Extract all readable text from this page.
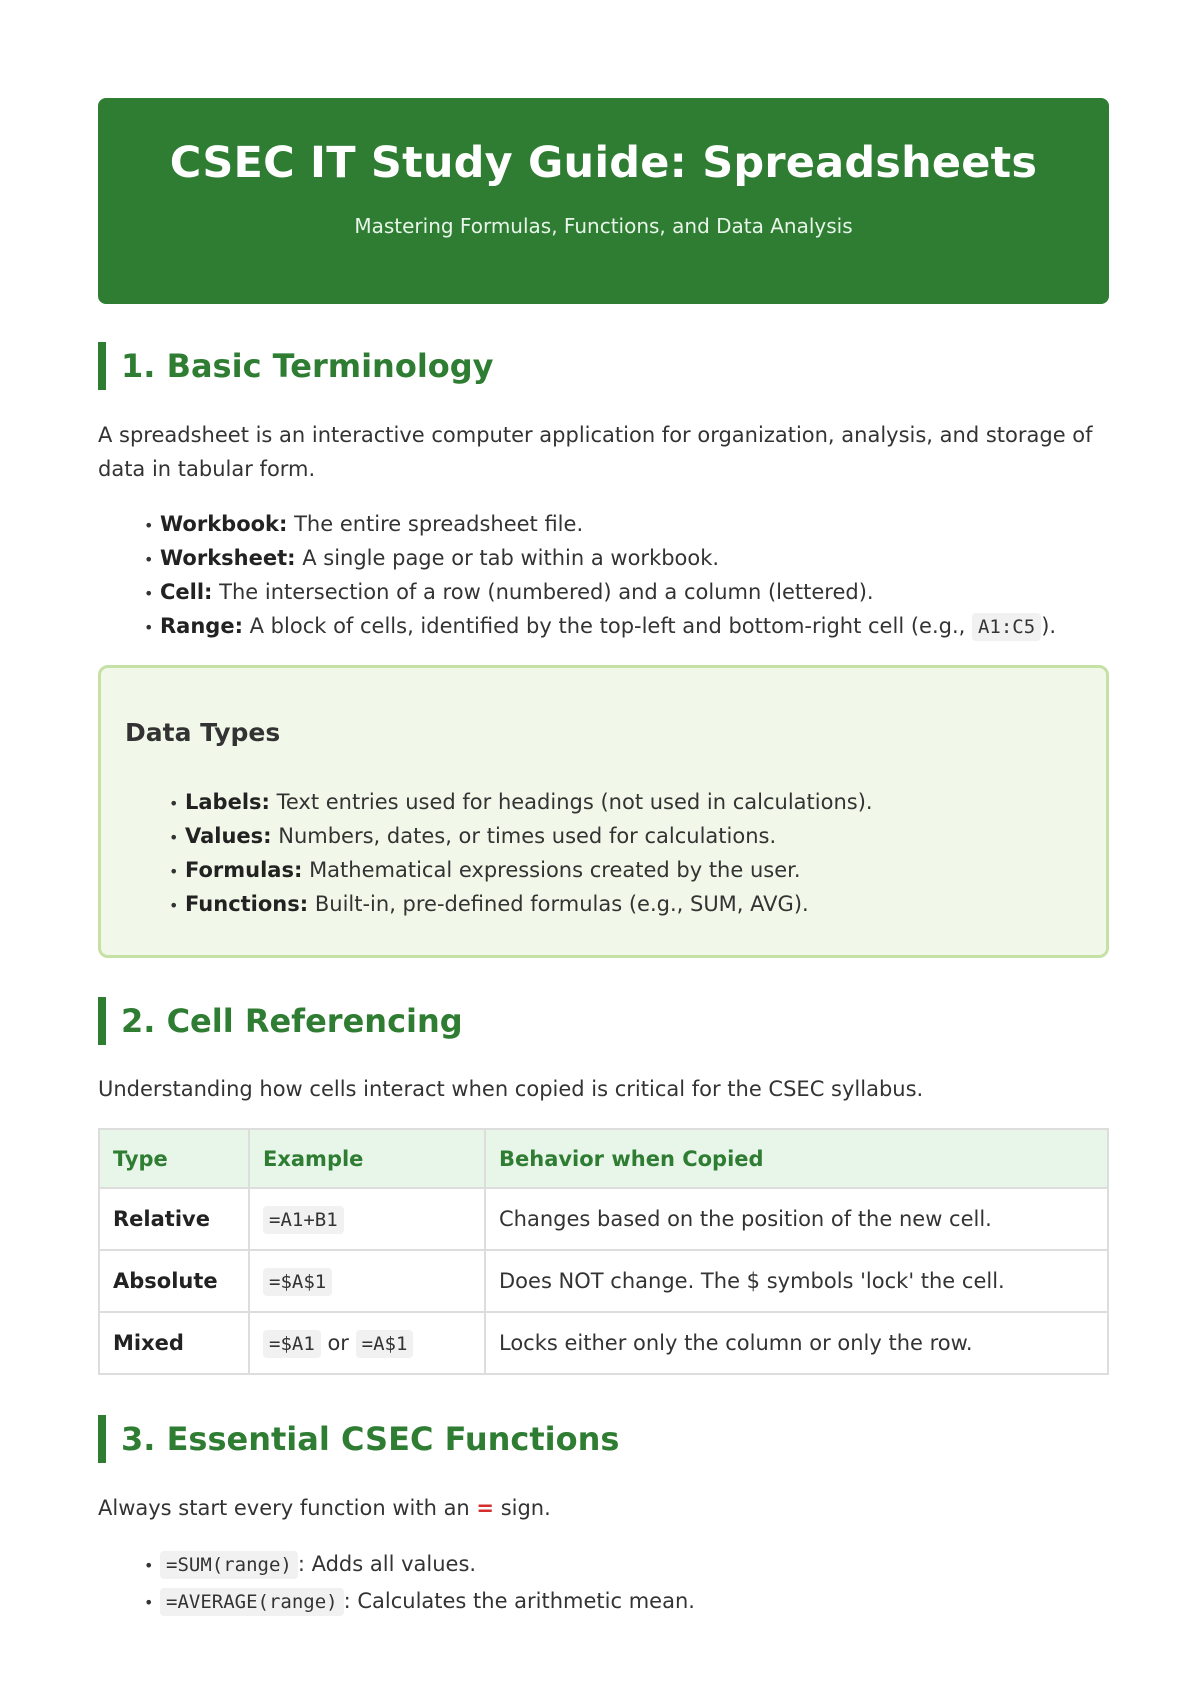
CSEC IT Study Guide: Spreadsheets
Mastering Formulas, Functions, and Data Analysis
1. Basic Terminology
A spreadsheet is an interactive computer application for organization, analysis, and storage of data in tabular form.
• Workbook: The entire spreadsheet file.
• Worksheet: A single page or tab within a workbook.
• Cell: The intersection of a row (numbered) and a column (lettered).
• Range: A block of cells, identified by the top-left and bottom-right cell (e.g., A1:C5 ).
Data Types
• Labels: Text entries used for headings (not used in calculations).
• Values: Numbers, dates, or times used for calculations.
• Formulas: Mathematical expressions created by the user.
• Functions: Built-in, pre-defined formulas (e.g., SUM, AVG).
2. Cell Referencing
Understanding how cells interact when copied is critical for the CSEC syllabus.
Type	Example	Behavior when Copied
Relative	=A1+B1	Changes based on the position of the new cell.
Absolute	=$A$1	Does NOT change. The $ symbols 'lock' the cell.
Mixed	=$A1 or =A$1	Locks either only the column or only the row.
3. Essential CSEC Functions
Always start every function with an = sign.
• =SUM(range) : Adds all values.
• =AVERAGE(range) : Calculates the arithmetic mean.
